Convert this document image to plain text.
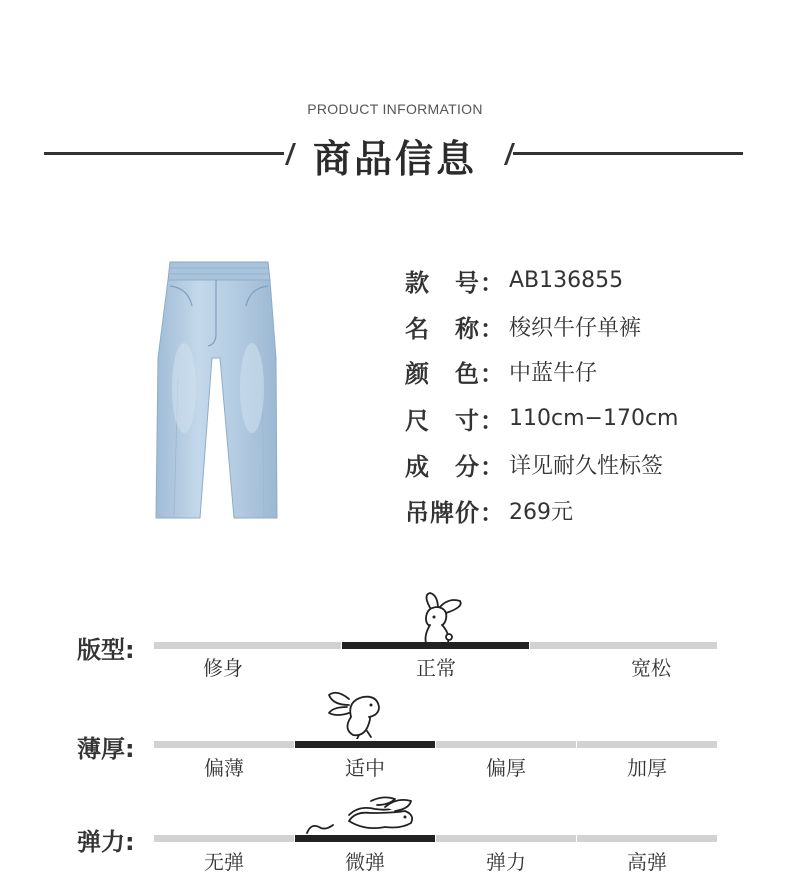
PRODUCT INFORMATION
商品信息
款　号： AB136855
名　称： 梭织牛仔单裤
颜　色： 中蓝牛仔
尺　寸： 110cm−170cm
成　分： 详见耐久性标签
吊牌价： 269元
版型:
修身	正常	宽松
薄厚:
偏薄	适中	偏厚	加厚
弹力:
无弹	微弹	弹力	高弹
